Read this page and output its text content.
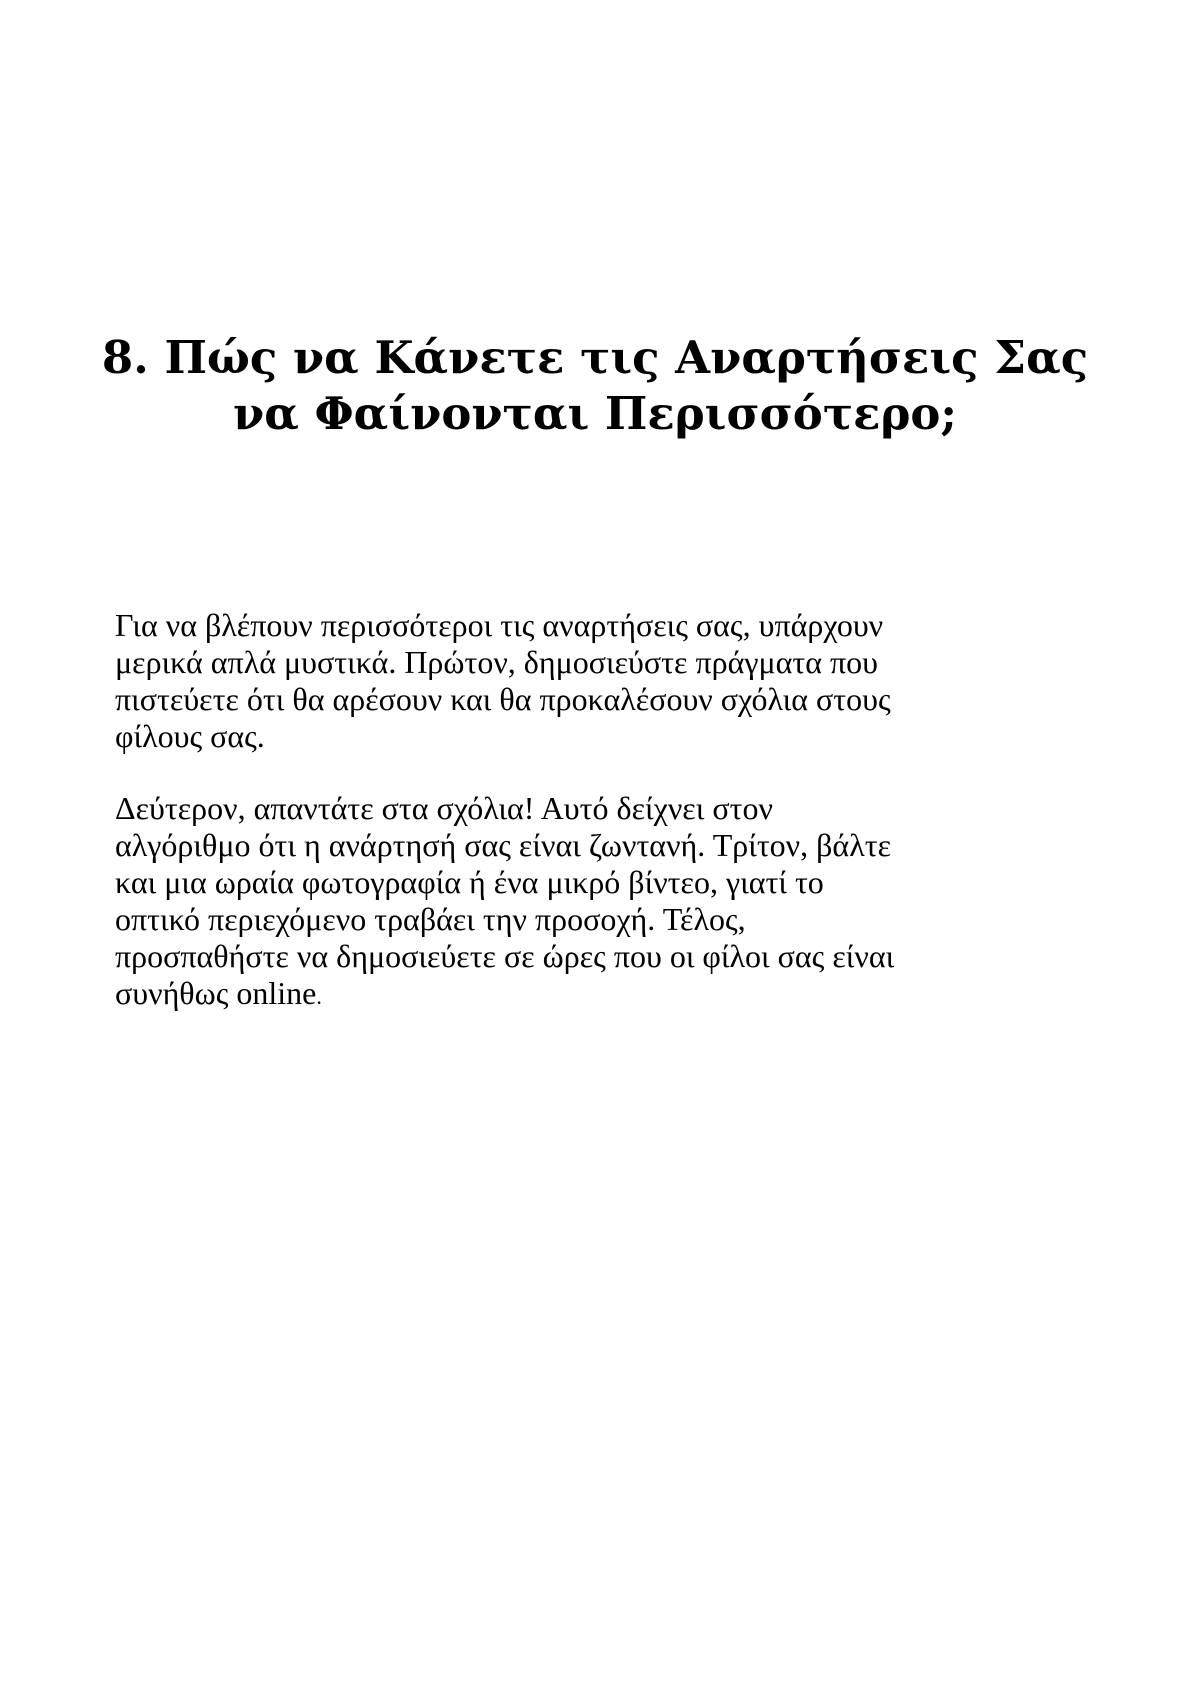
8. Πώς να Κάνετε τις Αναρτήσεις Σας
να Φαίνονται Περισσότερο;

Για να βλέπουν περισσότεροι τις αναρτήσεις σας, υπάρχουν
μερικά απλά μυστικά. Πρώτον, δημοσιεύστε πράγματα που
πιστεύετε ότι θα αρέσουν και θα προκαλέσουν σχόλια στους
φίλους σας.

Δεύτερον, απαντάτε στα σχόλια! Αυτό δείχνει στον
αλγόριθμο ότι η ανάρτησή σας είναι ζωντανή. Τρίτον, βάλτε
και μια ωραία φωτογραφία ή ένα μικρό βίντεο, γιατί το
οπτικό περιεχόμενο τραβάει την προσοχή. Τέλος,
προσπαθήστε να δημοσιεύετε σε ώρες που οι φίλοι σας είναι
συνήθως online.
